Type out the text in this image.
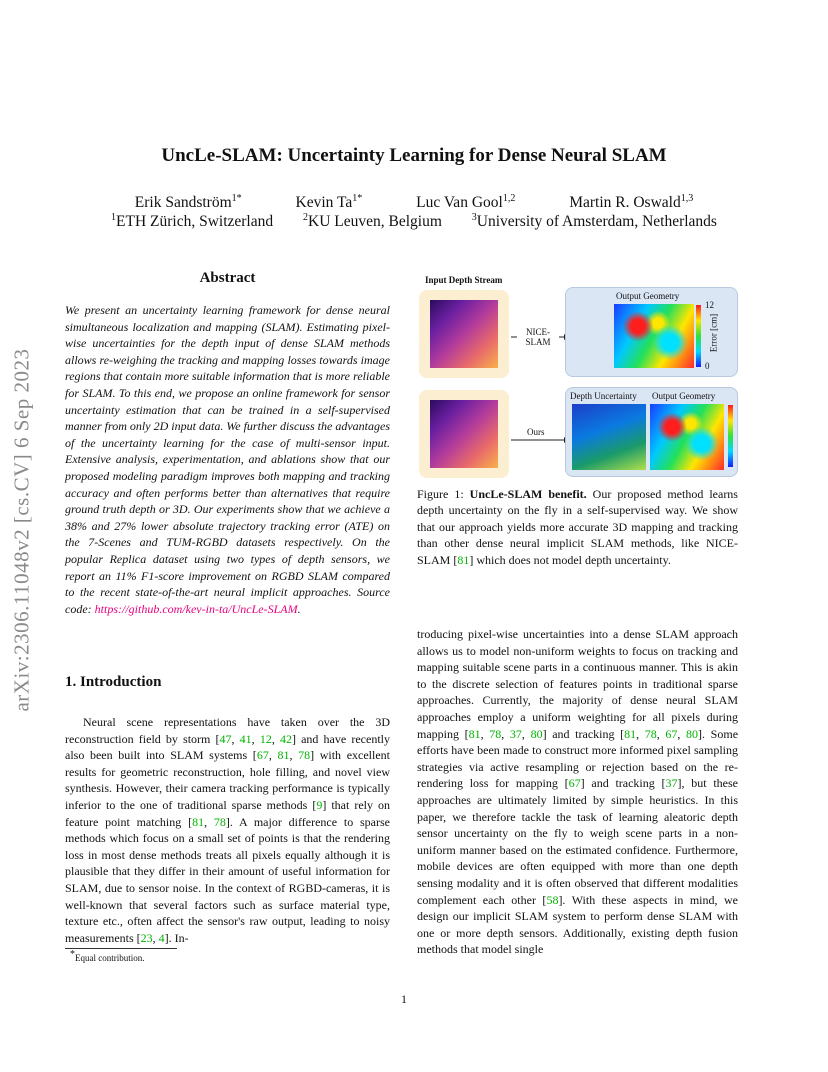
arXiv:2306.11048v2 [cs.CV] 6 Sep 2023
UncLe-SLAM: Uncertainty Learning for Dense Neural SLAM
Erik Sandström$^{1*}$	Kevin $Ta^{1*}$	Luc Van Gool$^{1,2}$	Martin R. Oswald$^{1,3}$
$^1$ETH Zürich, Switzerland	$^2$KU Leuven, Belgium	$^3$University of Amsterdam, Netherlands
Abstract
We present an uncertainty learning framework for dense neural simultaneous localization and mapping (SLAM). Estimating pixel-wise uncertainties for the depth input of dense SLAM methods allows re-weighing the tracking and mapping losses towards image regions that contain more suitable information that is more reliable for SLAM. To this end, we propose an online framework for sensor uncertainty estimation that can be trained in a self-supervised manner from only 2D input data. We further discuss the advantages of the uncertainty learning for the case of multi-sensor input. Extensive analysis, experimentation, and ablations show that our proposed modeling paradigm improves both mapping and tracking accuracy and often performs better than alternatives that require ground truth depth or 3D. Our experiments show that we achieve a 38% and 27% lower absolute trajectory tracking error (ATE) on the 7-Scenes and TUM-RGBD datasets respectively. On the popular Replica dataset using two types of depth sensors, we report an 11% F1-score improvement on RGBD SLAM compared to the recent state-of-the-art neural implicit approaches. Source code: https://github.com/kev-in-ta/UncLe-SLAM.
1. Introduction
Neural scene representations have taken over the 3D reconstruction field by storm [47, 41, 12, 42] and have recently also been built into SLAM systems [67, 81, 78] with excellent results for geometric reconstruction, hole filling, and novel view synthesis. However, their camera tracking performance is typically inferior to the one of traditional sparse methods [9] that rely on feature point matching [81, 78]. A major difference to sparse methods which focus on a small set of points is that the rendering loss in most dense methods treats all pixels equally although it is plausible that they differ in their amount of useful information for SLAM, due to sensor noise. In the context of RGBD-cameras, it is well-known that several factors such as surface material type, texture etc., often affect the sensor's raw output, leading to noisy measurements [23, 4]. In-
*Equal contribution.
Input Depth Stream
NICE-
SLAM
Ours
Output Geometry
12
0
Error [cm]
Depth Uncertainty Output Geometry
Figure 1: UncLe-SLAM benefit. Our proposed method learns depth uncertainty on the fly in a self-supervised way. We show that our approach yields more accurate 3D mapping and tracking than other dense neural implicit SLAM methods, like NICE-SLAM [81] which does not model depth uncertainty.
troducing pixel-wise uncertainties into a dense SLAM approach allows us to model non-uniform weights to focus on tracking and mapping suitable scene parts in a continuous manner. This is akin to the discrete selection of features points in traditional sparse approaches. Currently, the majority of dense neural SLAM approaches employ a uniform weighting for all pixels during mapping [81, 78, 37, 80] and tracking [81, 78, 67, 80]. Some efforts have been made to construct more informed pixel sampling strategies via active resampling or rejection based on the re-rendering loss for mapping [67] and tracking [37], but these approaches are ultimately limited by simple heuristics. In this paper, we therefore tackle the task of learning aleatoric depth sensor uncertainty on the fly to weigh scene parts in a non-uniform manner based on the estimated confidence. Furthermore, mobile devices are often equipped with more than one depth sensing modality and it is often observed that different modalities complement each other [58]. With these aspects in mind, we design our implicit SLAM system to perform dense SLAM with one or more depth sensors. Additionally, existing depth fusion methods that model single
1
